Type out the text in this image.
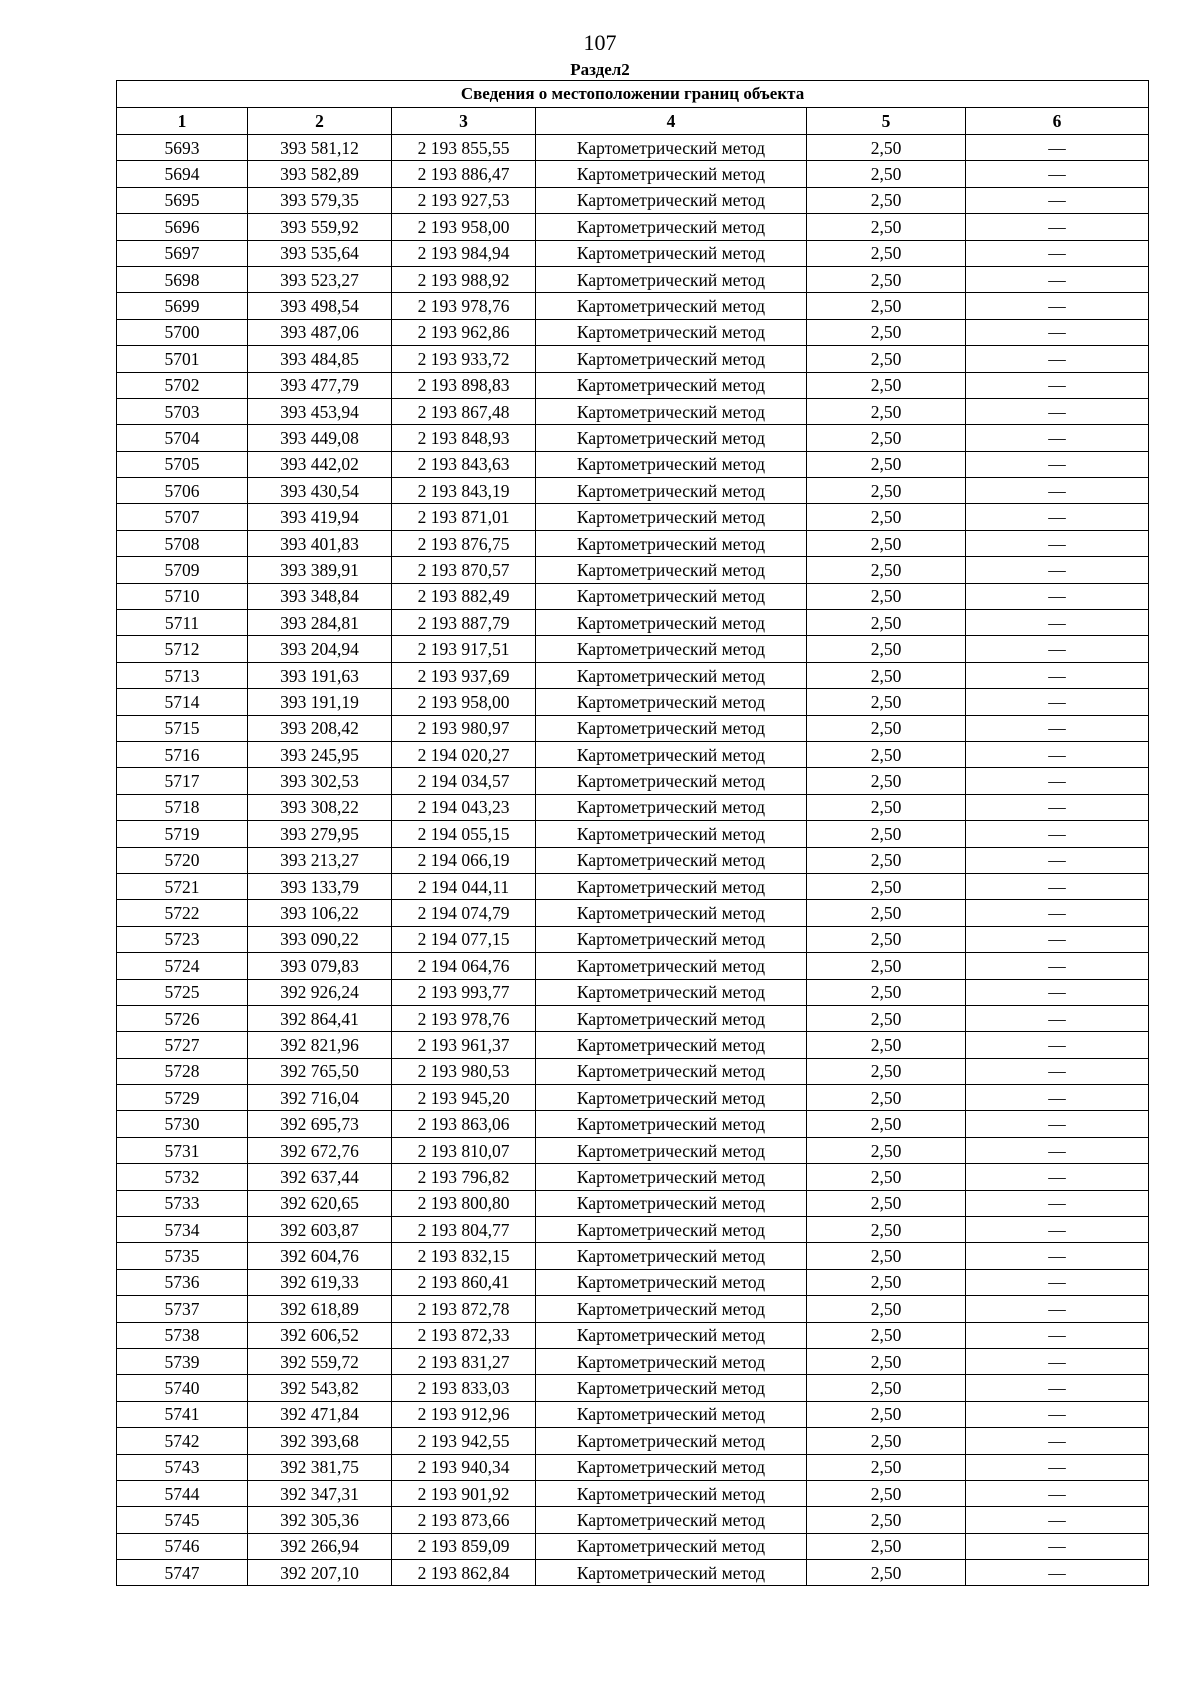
107
Раздел2
Сведения о местоположении границ объекта					
1	2	3	4	5	6
5693	393 581,12	2 193 855,55	Картометрический метод	2,50	—
5694	393 582,89	2 193 886,47	Картометрический метод	2,50	—
5695	393 579,35	2 193 927,53	Картометрический метод	2,50	—
5696	393 559,92	2 193 958,00	Картометрический метод	2,50	—
5697	393 535,64	2 193 984,94	Картометрический метод	2,50	—
5698	393 523,27	2 193 988,92	Картометрический метод	2,50	—
5699	393 498,54	2 193 978,76	Картометрический метод	2,50	—
5700	393 487,06	2 193 962,86	Картометрический метод	2,50	—
5701	393 484,85	2 193 933,72	Картометрический метод	2,50	—
5702	393 477,79	2 193 898,83	Картометрический метод	2,50	—
5703	393 453,94	2 193 867,48	Картометрический метод	2,50	—
5704	393 449,08	2 193 848,93	Картометрический метод	2,50	—
5705	393 442,02	2 193 843,63	Картометрический метод	2,50	—
5706	393 430,54	2 193 843,19	Картометрический метод	2,50	—
5707	393 419,94	2 193 871,01	Картометрический метод	2,50	—
5708	393 401,83	2 193 876,75	Картометрический метод	2,50	—
5709	393 389,91	2 193 870,57	Картометрический метод	2,50	—
5710	393 348,84	2 193 882,49	Картометрический метод	2,50	—
5711	393 284,81	2 193 887,79	Картометрический метод	2,50	—
5712	393 204,94	2 193 917,51	Картометрический метод	2,50	—
5713	393 191,63	2 193 937,69	Картометрический метод	2,50	—
5714	393 191,19	2 193 958,00	Картометрический метод	2,50	—
5715	393 208,42	2 193 980,97	Картометрический метод	2,50	—
5716	393 245,95	2 194 020,27	Картометрический метод	2,50	—
5717	393 302,53	2 194 034,57	Картометрический метод	2,50	—
5718	393 308,22	2 194 043,23	Картометрический метод	2,50	—
5719	393 279,95	2 194 055,15	Картометрический метод	2,50	—
5720	393 213,27	2 194 066,19	Картометрический метод	2,50	—
5721	393 133,79	2 194 044,11	Картометрический метод	2,50	—
5722	393 106,22	2 194 074,79	Картометрический метод	2,50	—
5723	393 090,22	2 194 077,15	Картометрический метод	2,50	—
5724	393 079,83	2 194 064,76	Картометрический метод	2,50	—
5725	392 926,24	2 193 993,77	Картометрический метод	2,50	—
5726	392 864,41	2 193 978,76	Картометрический метод	2,50	—
5727	392 821,96	2 193 961,37	Картометрический метод	2,50	—
5728	392 765,50	2 193 980,53	Картометрический метод	2,50	—
5729	392 716,04	2 193 945,20	Картометрический метод	2,50	—
5730	392 695,73	2 193 863,06	Картометрический метод	2,50	—
5731	392 672,76	2 193 810,07	Картометрический метод	2,50	—
5732	392 637,44	2 193 796,82	Картометрический метод	2,50	—
5733	392 620,65	2 193 800,80	Картометрический метод	2,50	—
5734	392 603,87	2 193 804,77	Картометрический метод	2,50	—
5735	392 604,76	2 193 832,15	Картометрический метод	2,50	—
5736	392 619,33	2 193 860,41	Картометрический метод	2,50	—
5737	392 618,89	2 193 872,78	Картометрический метод	2,50	—
5738	392 606,52	2 193 872,33	Картометрический метод	2,50	—
5739	392 559,72	2 193 831,27	Картометрический метод	2,50	—
5740	392 543,82	2 193 833,03	Картометрический метод	2,50	—
5741	392 471,84	2 193 912,96	Картометрический метод	2,50	—
5742	392 393,68	2 193 942,55	Картометрический метод	2,50	—
5743	392 381,75	2 193 940,34	Картометрический метод	2,50	—
5744	392 347,31	2 193 901,92	Картометрический метод	2,50	—
5745	392 305,36	2 193 873,66	Картометрический метод	2,50	—
5746	392 266,94	2 193 859,09	Картометрический метод	2,50	—
5747	392 207,10	2 193 862,84	Картометрический метод	2,50	—
